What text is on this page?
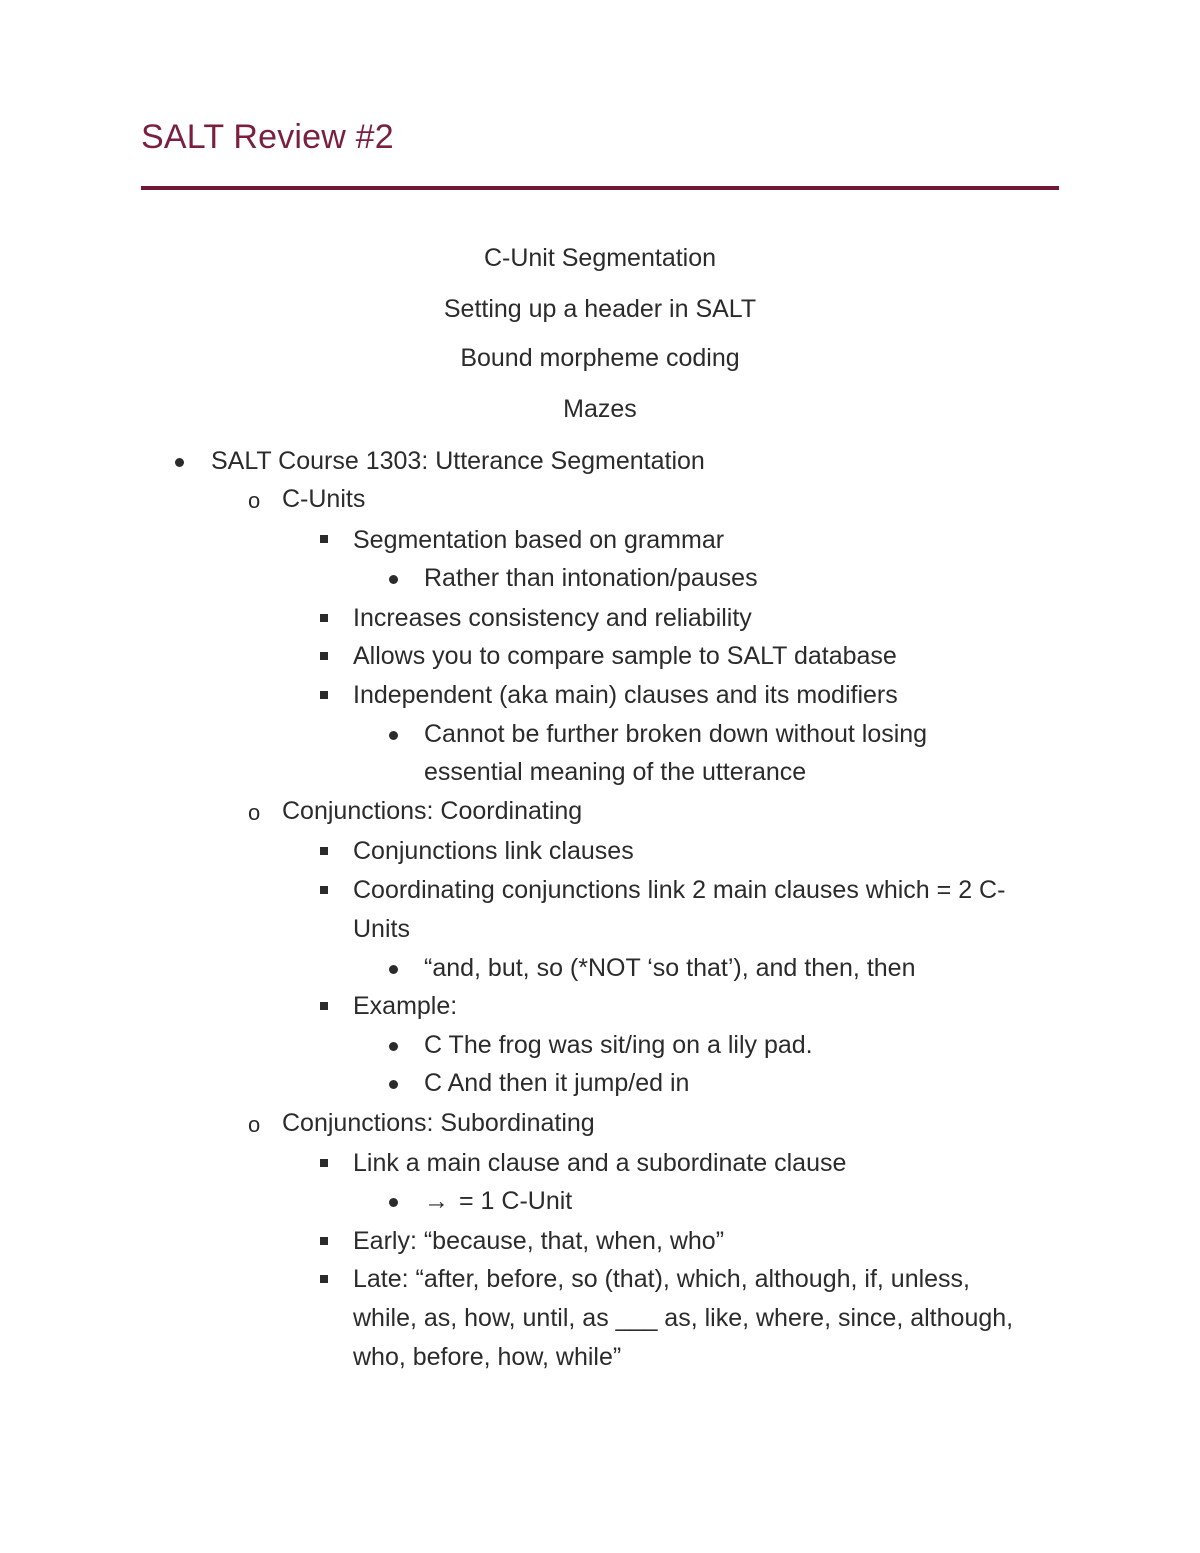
SALT Review #2
C-Unit Segmentation
Setting up a header in SALT
Bound morpheme coding
Mazes
SALT Course 1303: Utterance Segmentation
o C-Units
Segmentation based on grammar
Rather than intonation/pauses
Increases consistency and reliability
Allows you to compare sample to SALT database
Independent (aka main) clauses and its modifiers
Cannot be further broken down without losing
essential meaning of the utterance
o Conjunctions: Coordinating
Conjunctions link clauses
Coordinating conjunctions link 2 main clauses which = 2 C-
Units
“and, but, so (*NOT ‘so that’), and then, then
Example:
C The frog was sit/ing on a lily pad.
C And then it jump/ed in
o Conjunctions: Subordinating
Link a main clause and a subordinate clause
→ = 1 C-Unit
Early: “because, that, when, who”
Late: “after, before, so (that), which, although, if, unless,
while, as, how, until, as ___ as, like, where, since, although,
who, before, how, while”
